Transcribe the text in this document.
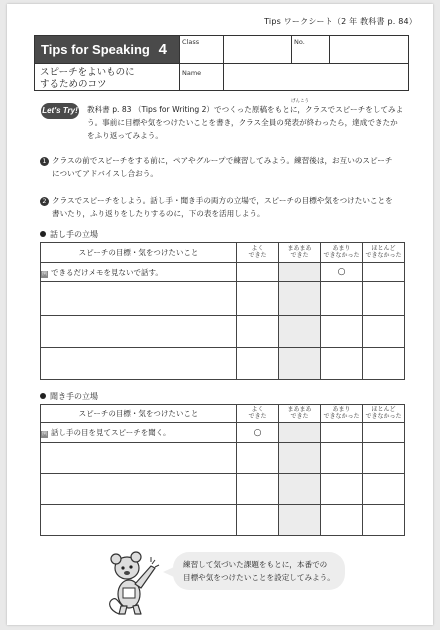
Tips ワークシート（2 年 教科書 p. 84）
Tips for Speaking 4
スピーチをよいものに
するためのコツ
Class	No.
Name
Let's Try!
げんこう
教科書 p. 83 （Tips for Writing 2）でつくった原稿をもとに，クラスでスピーチをしてみよ
う。事前に目標や気をつけたいことを書き，クラス全員の発表が終わったら，達成できたか
をふり返ってみよう。
1 クラスの前でスピーチをする前に，ペアやグループで練習してみよう。練習後は，お互いのスピーチ
についてアドバイスし合おう。
2 クラスでスピーチをしよう。話し手・聞き手の両方の立場で，スピーチの目標や気をつけたいことを
書いたり，ふり返りをしたりするのに，下の表を活用しよう。
話し手の立場
スピーチの目標・気をつけたいこと	よく
できた	まあまあ
できた	あまり
できなかった	ほとんど
できなかった
例 できるだけメモを見ないで話す。			○	

聞き手の立場
スピーチの目標・気をつけたいこと	よく
できた	まあまあ
できた	あまり
できなかった	ほとんど
できなかった
例 話し手の目を見てスピーチを聞く。	○			

練習して気づいた課題をもとに，本番での
目標や気をつけたいことを設定してみよう。
